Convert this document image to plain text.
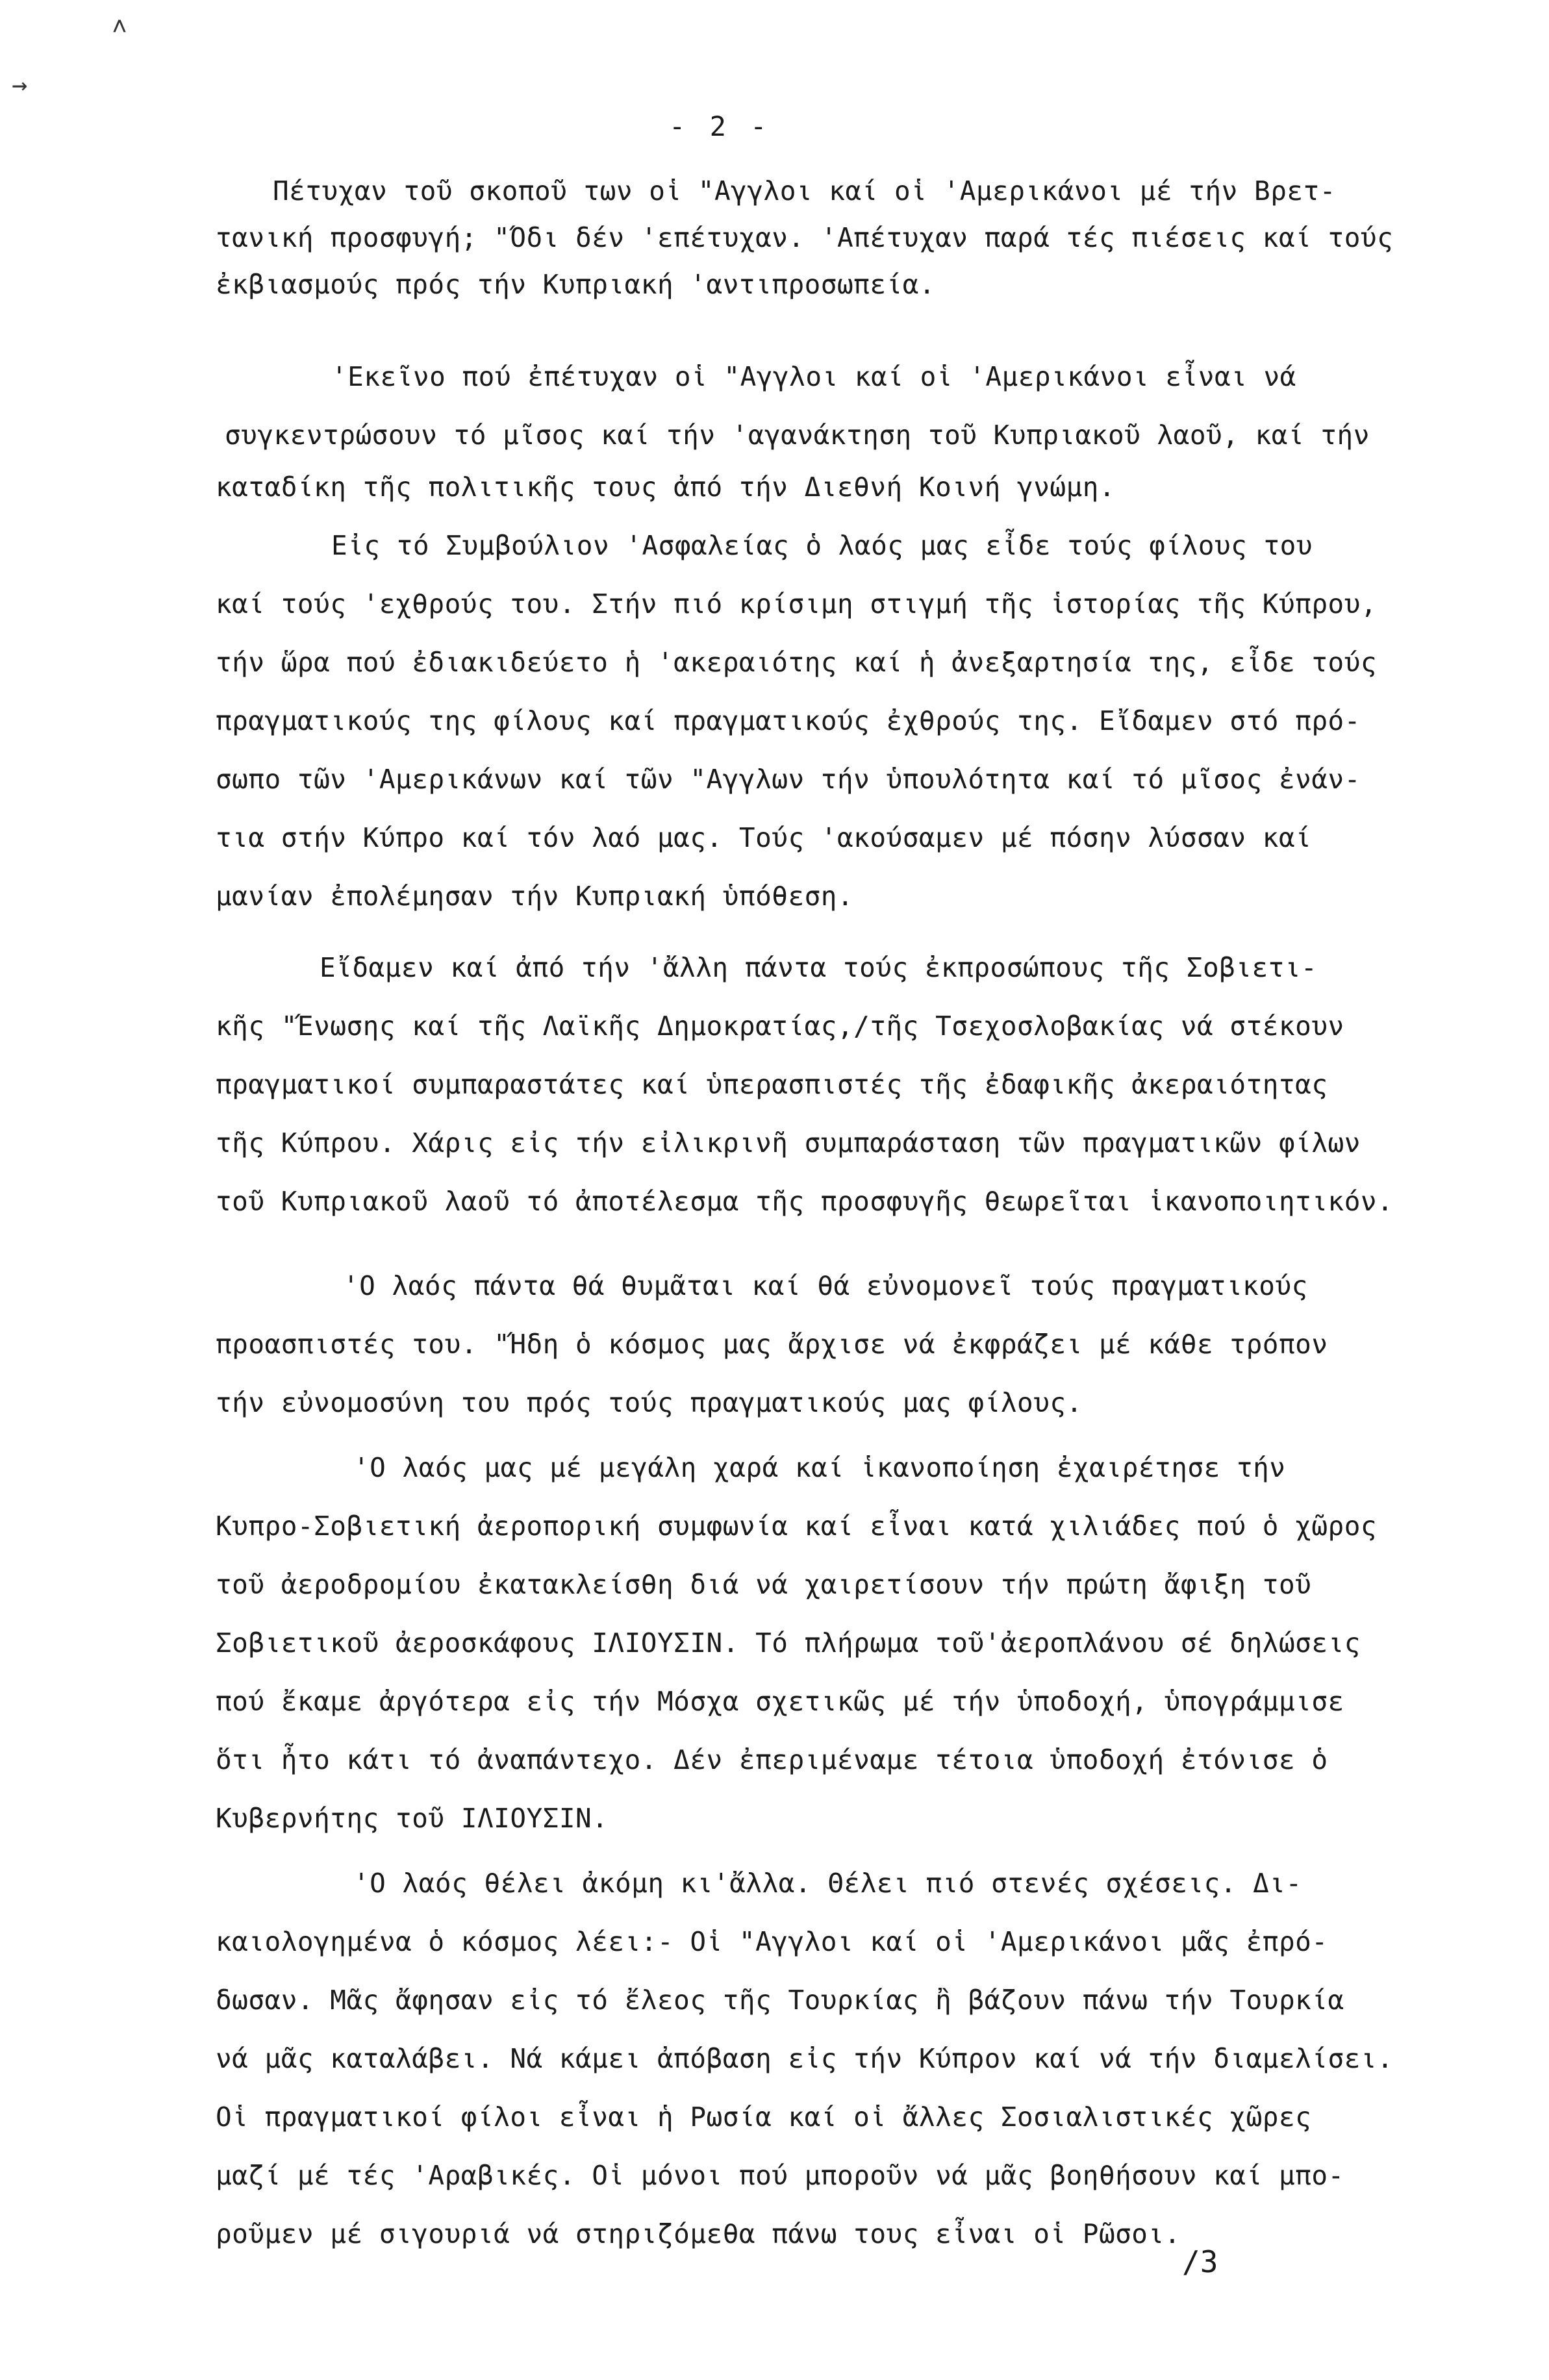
˄
→
- 2 -
Πέτυχαν τοῦ σκοποῦ των οἱ "Αγγλοι καί οἱ 'Αμερικάνοι μέ τήν Βρετ-
τανική προσφυγή; "Όδι δέν 'επέτυχαν. 'Απέτυχαν παρά τές πιέσεις καί τούς
ἐκβιασμούς πρός τήν Κυπριακή 'αντιπροσωπεία.
'Εκεῖνο πού ἐπέτυχαν οἱ "Αγγλοι καί οἱ 'Αμερικάνοι εἶναι νά
συγκεντρώσουν τό μῖσος καί τήν 'αγανάκτηση τοῦ Κυπριακοῦ λαοῦ, καί τήν
καταδίκη τῆς πολιτικῆς τους ἀπό τήν Διεθνή Κοινή γνώμη.
Εἰς τό Συμβούλιον 'Ασφαλείας ὁ λαός μας εἶδε τούς φίλους του
καί τούς 'εχθρούς του. Στήν πιό κρίσιμη στιγμή τῆς ἱστορίας τῆς Κύπρου,
τήν ὥρα πού ἐδιακιδεύετο ἡ 'ακεραιότης καί ἡ ἀνεξαρτησία της, εἶδε τούς
πραγματικούς της φίλους καί πραγματικούς ἐχθρούς της. Εἴδαμεν στό πρό-
σωπο τῶν 'Αμερικάνων καί τῶν "Αγγλων τήν ὑπουλότητα καί τό μῖσος ἐνάν-
τια στήν Κύπρο καί τόν λαό μας. Τούς 'ακούσαμεν μέ πόσην λύσσαν καί
μανίαν ἐπολέμησαν τήν Κυπριακή ὑπόθεση.
Εἴδαμεν καί ἀπό τήν 'ἄλλη πάντα τούς ἐκπροσώπους τῆς Σοβιετι-
κῆς "Ένωσης καί τῆς Λαϊκῆς Δημοκρατίας,/τῆς Τσεχοσλοβακίας νά στέκουν
πραγματικοί συμπαραστάτες καί ὑπερασπιστές τῆς ἐδαφικῆς ἀκεραιότητας
τῆς Κύπρου. Χάρις εἰς τήν εἰλικρινῆ συμπαράσταση τῶν πραγματικῶν φίλων
τοῦ Κυπριακοῦ λαοῦ τό ἀποτέλεσμα τῆς προσφυγῆς θεωρεῖται ἱκανοποιητικόν.
'Ο λαός πάντα θά θυμᾶται καί θά εὐνομονεῖ τούς πραγματικούς
προασπιστές του. "Ήδη ὁ κόσμος μας ἄρχισε νά ἐκφράζει μέ κάθε τρόπον
τήν εὐνομοσύνη του πρός τούς πραγματικούς μας φίλους.
'Ο λαός μας μέ μεγάλη χαρά καί ἱκανοποίηση ἐχαιρέτησε τήν
Κυπρο-Σοβιετική ἀεροπορική συμφωνία καί εἶναι κατά χιλιάδες πού ὁ χῶρος
τοῦ ἀεροδρομίου ἐκατακλείσθη διά νά χαιρετίσουν τήν πρώτη ἄφιξη τοῦ
Σοβιετικοῦ ἀεροσκάφους ΙΛΙΟΥΣΙΝ. Τό πλήρωμα τοῦ'ἀεροπλάνου σέ δηλώσεις
πού ἔκαμε ἀργότερα εἰς τήν Μόσχα σχετικῶς μέ τήν ὑποδοχή, ὑπογράμμισε
ὅτι ἦτο κάτι τό ἀναπάντεχο. Δέν ἐπεριμέναμε τέτοια ὑποδοχή ἐτόνισε ὁ
Κυβερνήτης τοῦ ΙΛΙΟΥΣΙΝ.
'Ο λαός θέλει ἀκόμη κι'ἄλλα. Θέλει πιό στενές σχέσεις. Δι-
καιολογημένα ὁ κόσμος λέει:- Οἱ "Αγγλοι καί οἱ 'Αμερικάνοι μᾶς ἐπρό-
δωσαν. Μᾶς ἄφησαν εἰς τό ἔλεος τῆς Τουρκίας ἢ βάζουν πάνω τήν Τουρκία
νά μᾶς καταλάβει. Νά κάμει ἀπόβαση εἰς τήν Κύπρον καί νά τήν διαμελίσει.
Οἱ πραγματικοί φίλοι εἶναι ἡ Ρωσία καί οἱ ἄλλες Σοσιαλιστικές χῶρες
μαζί μέ τές 'Αραβικές. Οἱ μόνοι πού μποροῦν νά μᾶς βοηθήσουν καί μπο-
ροῦμεν μέ σιγουριά νά στηριζόμεθα πάνω τους εἶναι οἱ Ρῶσοι.
/3
